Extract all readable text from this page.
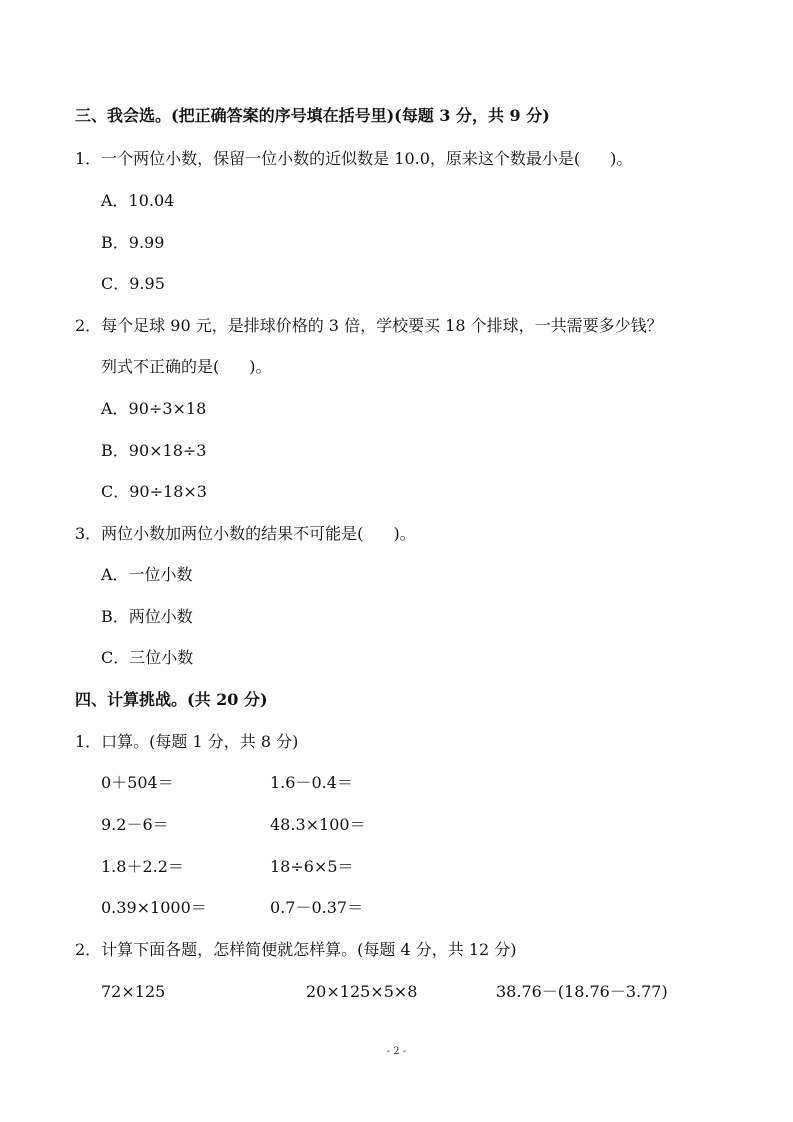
三、我会选。(把正确答案的序号填在括号里)(每题 3 分，共 9 分)
1．一个两位小数，保留一位小数的近似数是 10.0，原来这个数最小是( )。
A．10.04
B．9.99
C．9.95
2．每个足球 90 元，是排球价格的 3 倍，学校要买 18 个排球，一共需要多少钱？
列式不正确的是( )。
A．90÷3×18
B．90×18÷3
C．90÷18×3
3．两位小数加两位小数的结果不可能是( )。
A．一位小数
B．两位小数
C．三位小数
四、计算挑战。(共 20 分)
1．口算。(每题 1 分，共 8 分)
0＋504＝	1.6－0.4＝
9.2－6＝	48.3×100＝
1.8＋2.2＝	18÷6×5＝
0.39×1000＝	0.7－0.37＝
2．计算下面各题，怎样简便就怎样算。(每题 4 分，共 12 分)
72×125	20×125×5×8	38.76－(18.76－3.77)
- 2 -
